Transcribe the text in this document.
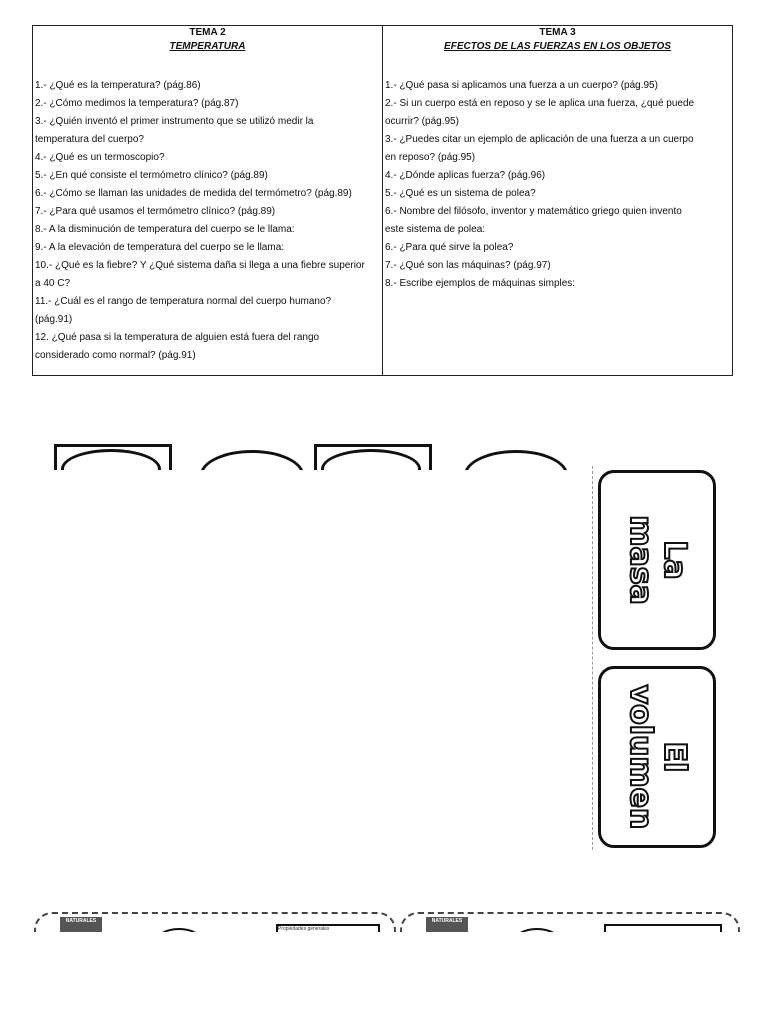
TEMA 2
TEMPERATURA
1.- ¿Qué es la temperatura? (pág.86)
2.- ¿Cómo medimos la temperatura? (pág.87)
3.- ¿Quién inventó el primer instrumento que se utilizó medir la
temperatura del cuerpo?
4.- ¿Qué es un termoscopio?
5.- ¿En qué consiste el termómetro clínico? (pág.89)
6.- ¿Cómo se llaman las unidades de medida del termómetro? (pág.89)
7.- ¿Para qué usamos el termómetro clínico? (pág.89)
8.- A la disminución de temperatura del cuerpo se le llama:
9.- A la elevación de temperatura del cuerpo se le llama:
10.- ¿Qué es la fiebre? Y ¿Qué sistema daña si llega a una fiebre superior
a 40 C?
11.- ¿Cuál es el rango de temperatura normal del cuerpo humano?
(pág.91)
12. ¿Qué pasa si la temperatura de alguien está fuera del rango
considerado como normal? (pág.91)
TEMA 3
EFECTOS DE LAS FUERZAS EN LOS OBJETOS
1.- ¿Qué pasa si aplicamos una fuerza a un cuerpo? (pág.95)
2.- Si un cuerpo está en reposo y se le aplica una fuerza, ¿qué puede
ocurrir? (pág.95)
3.- ¿Puedes citar un ejemplo de aplicación de una fuerza a un cuerpo
en reposo? (pág.95)
4.- ¿Dónde aplicas fuerza? (pág.96)
5.- ¿Qué es un sistema de polea?
6.- Nombre del filósofo, inventor y matemático griego quien invento
este sistema de polea:
6.- ¿Para qué sirve la polea?
7.- ¿Qué son las máquinas? (pág.97)
8.- Escribe ejemplos de máquinas simples:
La
masa
El
volumen
NATURALES
Propiedades generales
NATURALES
